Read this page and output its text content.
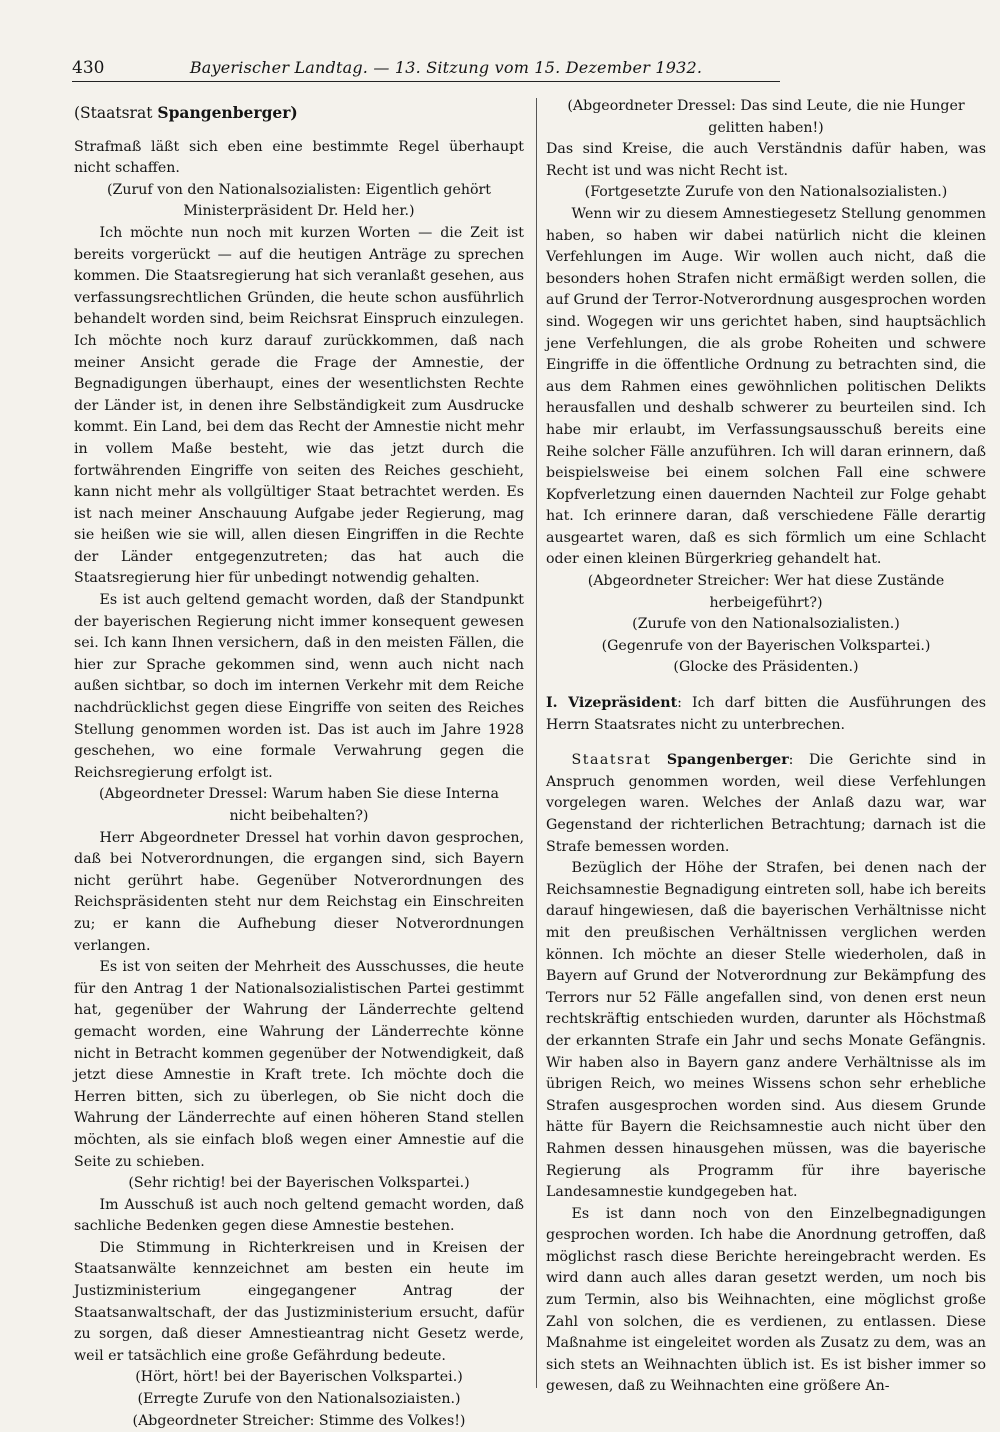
430	Bayerischer Landtag. — 13. Sitzung vom 15. Dezember 1932.

(Staatsrat Spangenberger)

Strafmaß läßt sich eben eine bestimmte Regel überhaupt nicht schaffen.

(Zuruf von den Nationalsozialisten: Eigentlich gehört Ministerpräsident Dr. Held her.)

Ich möchte nun noch mit kurzen Worten — die Zeit ist bereits vorgerückt — auf die heutigen Anträge zu sprechen kommen. Die Staatsregierung hat sich veranlaßt gesehen, aus verfassungsrechtlichen Gründen, die heute schon ausführlich behandelt worden sind, beim Reichsrat Einspruch einzulegen. Ich möchte noch kurz darauf zurückkommen, daß nach meiner Ansicht gerade die Frage der Amnestie, der Begnadigungen überhaupt, eines der wesentlichsten Rechte der Länder ist, in denen ihre Selbständigkeit zum Ausdrucke kommt. Ein Land, bei dem das Recht der Amnestie nicht mehr in vollem Maße besteht, wie das jetzt durch die fortwährenden Eingriffe von seiten des Reiches geschieht, kann nicht mehr als vollgültiger Staat betrachtet werden. Es ist nach meiner Anschauung Aufgabe jeder Regierung, mag sie heißen wie sie will, allen diesen Eingriffen in die Rechte der Länder entgegenzutreten; das hat auch die Staatsregierung hier für unbedingt notwendig gehalten.

Es ist auch geltend gemacht worden, daß der Standpunkt der bayerischen Regierung nicht immer konsequent gewesen sei. Ich kann Ihnen versichern, daß in den meisten Fällen, die hier zur Sprache gekommen sind, wenn auch nicht nach außen sichtbar, so doch im internen Verkehr mit dem Reiche nachdrücklichst gegen diese Eingriffe von seiten des Reiches Stellung genommen worden ist. Das ist auch im Jahre 1928 geschehen, wo eine formale Verwahrung gegen die Reichsregierung erfolgt ist.

(Abgeordneter Dressel: Warum haben Sie diese Interna nicht beibehalten?)

Herr Abgeordneter Dressel hat vorhin davon gesprochen, daß bei Notverordnungen, die ergangen sind, sich Bayern nicht gerührt habe. Gegenüber Notverordnungen des Reichspräsidenten steht nur dem Reichstag ein Einschreiten zu; er kann die Aufhebung dieser Notverordnungen verlangen.

Es ist von seiten der Mehrheit des Ausschusses, die heute für den Antrag 1 der Nationalsozialistischen Partei gestimmt hat, gegenüber der Wahrung der Länderrechte geltend gemacht worden, eine Wahrung der Länderrechte könne nicht in Betracht kommen gegenüber der Notwendigkeit, daß jetzt diese Amnestie in Kraft trete. Ich möchte doch die Herren bitten, sich zu überlegen, ob Sie nicht doch die Wahrung der Länderrechte auf einen höheren Stand stellen möchten, als sie einfach bloß wegen einer Amnestie auf die Seite zu schieben.

(Sehr richtig! bei der Bayerischen Volkspartei.)

Im Ausschuß ist auch noch geltend gemacht worden, daß sachliche Bedenken gegen diese Amnestie bestehen.

Die Stimmung in Richterkreisen und in Kreisen der Staatsanwälte kennzeichnet am besten ein heute im Justizministerium eingegangener Antrag der Staatsanwaltschaft, der das Justizministerium ersucht, dafür zu sorgen, daß dieser Amnestieantrag nicht Gesetz werde, weil er tatsächlich eine große Gefährdung bedeute.

(Hört, hört! bei der Bayerischen Volkspartei.)

(Erregte Zurufe von den Nationalsoziaisten.)

(Abgeordneter Streicher: Stimme des Volkes!)

(Abgeordneter Dressel: Das sind Leute, die nie Hunger gelitten haben!)

Das sind Kreise, die auch Verständnis dafür haben, was Recht ist und was nicht Recht ist.

(Fortgesetzte Zurufe von den Nationalsozialisten.)

Wenn wir zu diesem Amnestiegesetz Stellung genommen haben, so haben wir dabei natürlich nicht die kleinen Verfehlungen im Auge. Wir wollen auch nicht, daß die besonders hohen Strafen nicht ermäßigt werden sollen, die auf Grund der Terror-Notverordnung ausgesprochen worden sind. Wogegen wir uns gerichtet haben, sind hauptsächlich jene Verfehlungen, die als grobe Roheiten und schwere Eingriffe in die öffentliche Ordnung zu betrachten sind, die aus dem Rahmen eines gewöhnlichen politischen Delikts herausfallen und deshalb schwerer zu beurteilen sind. Ich habe mir erlaubt, im Verfassungsausschuß bereits eine Reihe solcher Fälle anzuführen. Ich will daran erinnern, daß beispielsweise bei einem solchen Fall eine schwere Kopfverletzung einen dauernden Nachteil zur Folge gehabt hat. Ich erinnere daran, daß verschiedene Fälle derartig ausgeartet waren, daß es sich förmlich um eine Schlacht oder einen kleinen Bürgerkrieg gehandelt hat.

(Abgeordneter Streicher: Wer hat diese Zustände herbeigeführt?)

(Zurufe von den Nationalsozialisten.)

(Gegenrufe von der Bayerischen Volkspartei.)

(Glocke des Präsidenten.)

I. Vizepräsident: Ich darf bitten die Ausführungen des Herrn Staatsrates nicht zu unterbrechen.

Staatsrat Spangenberger: Die Gerichte sind in Anspruch genommen worden, weil diese Verfehlungen vorgelegen waren. Welches der Anlaß dazu war, war Gegenstand der richterlichen Betrachtung; darnach ist die Strafe bemessen worden.

Bezüglich der Höhe der Strafen, bei denen nach der Reichsamnestie Begnadigung eintreten soll, habe ich bereits darauf hingewiesen, daß die bayerischen Verhältnisse nicht mit den preußischen Verhältnissen verglichen werden können. Ich möchte an dieser Stelle wiederholen, daß in Bayern auf Grund der Notverordnung zur Bekämpfung des Terrors nur 52 Fälle angefallen sind, von denen erst neun rechtskräftig entschieden wurden, darunter als Höchstmaß der erkannten Strafe ein Jahr und sechs Monate Gefängnis. Wir haben also in Bayern ganz andere Verhältnisse als im übrigen Reich, wo meines Wissens schon sehr erhebliche Strafen ausgesprochen worden sind. Aus diesem Grunde hätte für Bayern die Reichsamnestie auch nicht über den Rahmen dessen hinausgehen müssen, was die bayerische Regierung als Programm für ihre bayerische Landesamnestie kundgegeben hat.

Es ist dann noch von den Einzelbegnadigungen gesprochen worden. Ich habe die Anordnung getroffen, daß möglichst rasch diese Berichte hereingebracht werden. Es wird dann auch alles daran gesetzt werden, um noch bis zum Termin, also bis Weihnachten, eine möglichst große Zahl von solchen, die es verdienen, zu entlassen. Diese Maßnahme ist eingeleitet worden als Zusatz zu dem, was an sich stets an Weihnachten üblich ist. Es ist bisher immer so gewesen, daß zu Weihnachten eine größere An-
